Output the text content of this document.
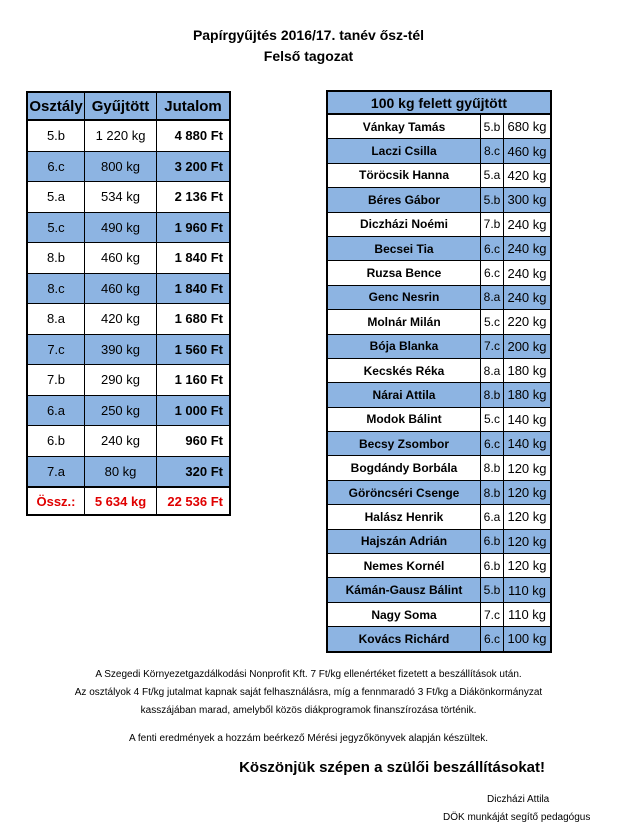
Papírgyűjtés 2016/17. tanév ősz-tél
Felső tagozat
Osztály	Gyűjtött	Jutalom
5.b	1 220 kg	4 880 Ft
6.c	800 kg	3 200 Ft
5.a	534 kg	2 136 Ft
5.c	490 kg	1 960 Ft
8.b	460 kg	1 840 Ft
8.c	460 kg	1 840 Ft
8.a	420 kg	1 680 Ft
7.c	390 kg	1 560 Ft
7.b	290 kg	1 160 Ft
6.a	250 kg	1 000 Ft
6.b	240 kg	960 Ft
7.a	80 kg	320 Ft
Össz.:	5 634 kg	22 536 Ft
100 kg felett gyűjtött		
Vánkay Tamás	5.b	680 kg
Laczi Csilla	8.c	460 kg
Töröcsik Hanna	5.a	420 kg
Béres Gábor	5.b	300 kg
Diczházi Noémi	7.b	240 kg
Becsei Tia	6.c	240 kg
Ruzsa Bence	6.c	240 kg
Genc Nesrin	8.a	240 kg
Molnár Milán	5.c	220 kg
Bója Blanka	7.c	200 kg
Kecskés Réka	8.a	180 kg
Nárai Attila	8.b	180 kg
Modok Bálint	5.c	140 kg
Becsy Zsombor	6.c	140 kg
Bogdándy Borbála	8.b	120 kg
Göröncséri Csenge	8.b	120 kg
Halász Henrik	6.a	120 kg
Hajszán Adrián	6.b	120 kg
Nemes Kornél	6.b	120 kg
Kámán-Gausz Bálint	5.b	110 kg
Nagy Soma	7.c	110 kg
Kovács Richárd	6.c	100 kg
A Szegedi Környezetgazdálkodási Nonprofit Kft. 7 Ft/kg ellenértéket fizetett a beszállítások után.
Az osztályok 4 Ft/kg jutalmat kapnak saját felhasználásra, míg a fennmaradó 3 Ft/kg a Diákönkormányzat
kasszájában marad, amelyből közös diákprogramok finanszírozása történik.
A fenti eredmények a hozzám beérkező Mérési jegyzőkönyvek alapján készültek.
Köszönjük szépen a szülői beszállításokat!
Diczházi Attila
DÖK munkáját segítő pedagógus
